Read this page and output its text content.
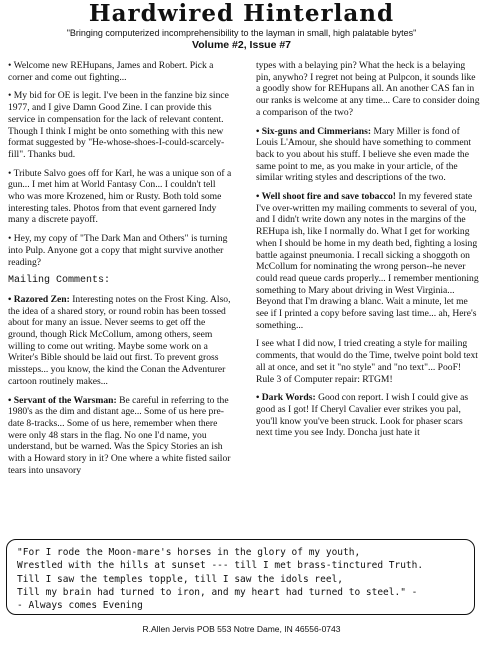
Hardwired Hinterland
"Bringing computerized incomprehensibility to the layman in small, high palatable bytes"
Volume #2, Issue #7

• Welcome new REHupans, James and Robert. Pick a corner and come out fighting...

• My bid for OE is legit. I've been in the fanzine biz since 1977, and I give Damn Good Zine. I can provide this service in compensation for the lack of relevant content. Though I think I might be onto something with this new format suggested by "He-whose-shoes-I-could-scarcely-fill". Thanks bud.

• Tribute Salvo goes off for Karl, he was a unique son of a gun... I met him at World Fantasy Con... I couldn't tell who was more Krozened, him or Rusty. Both told some interesting tales. Photos from that event garnered Indy many a discrete payoff.

• Hey, my copy of "The Dark Man and Others" is turning into Pulp. Anyone got a copy that might survive another reading?

Mailing Comments:

• Razored Zen: Interesting notes on the Frost King. Also, the idea of a shared story, or round robin has been tossed about for many an issue. Never seems to get off the ground, though Rick McCollum, among others, seem willing to come out writing. Maybe some work on a Writer's Bible should be laid out first. To prevent gross missteps... you know, the kind the Conan the Adventurer cartoon routinely makes...

• Servant of the Warsman: Be careful in referring to the 1980's as the dim and distant age... Some of us here pre-date 8-tracks... Some of us here, remember when there were only 48 stars in the flag. No one I'd name, you understand, but be warned. Was the Spicy Stories an ish with a Howard story in it? One where a white fisted sailor tears into unsavory

types with a belaying pin? What the heck is a belaying pin, anywho? I regret not being at Pulpcon, it sounds like a goodly show for REHupans all. An another CAS fan in our ranks is welcome at any time... Care to consider doing a comparison of the two?

• Six-guns and Cimmerians: Mary Miller is fond of Louis L'Amour, she should have something to comment back to you about his stuff. I believe she even made the same point to me, as you make in your article, of the similar writing styles and descriptions of the two.

• Well shoot fire and save tobacco! In my fevered state I've over-written my mailing comments to several of you, and I didn't write down any notes in the margins of the REHupa ish, like I normally do. What I get for working when I should be home in my death bed, fighting a losing battle against pneumonia. I recall sicking a shoggoth on McCollum for nominating the wrong person--he never could read queue cards properly... I remember mentioning something to Mary about driving in West Virginia... Beyond that I'm drawing a blanc. Wait a minute, let me see if I printed a copy before saving last time... ah, Here's something...

I see what I did now, I tried creating a style for mailing comments, that would do the Time, twelve point bold text all at once, and set it "no style" and "no text"... PooF! Rule 3 of Computer repair: RTGM!

• Dark Words: Good con report. I wish I could give as good as I got! If Cheryl Cavalier ever strikes you pal, you'll know you've been struck. Look for phaser scars next time you see Indy. Doncha just hate it

"For I rode the Moon-mare's horses in the glory of my youth,
Wrestled with the hills at sunset --- till I met brass-tinctured Truth.
Till I saw the temples topple, till I saw the idols reel,
Till my brain had turned to iron, and my heart had turned to steel." -
- Always comes Evening
R.Allen Jervis POB 553 Notre Dame, IN 46556-0743
